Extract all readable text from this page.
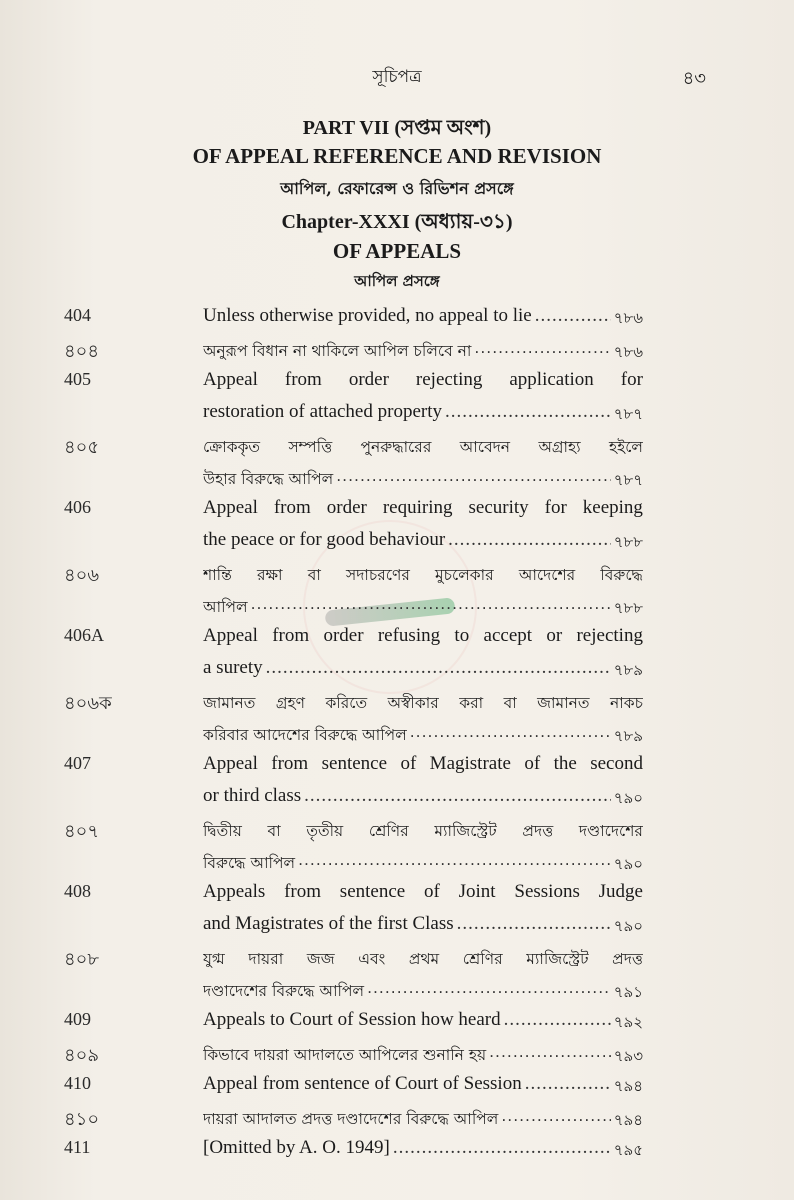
সূচিপত্র	৪৩
PART VII (সপ্তম অংশ)
OF APPEAL REFERENCE AND REVISION
আপিল, রেফারেন্স ও রিভিশন প্রসঙ্গে
Chapter-XXXI (অধ্যায়-৩১)
OF APPEALS
আপিল প্রসঙ্গে
404	Unless otherwise provided, no appeal to lie .....	৭৮৬
৪০৪	অনুরূপ বিধান না থাকিলে আপিল চলিবে না .....	৭৮৬
405	Appeal from order rejecting application for
restoration of attached property .....	৭৮৭
৪০৫	ক্রোককৃত সম্পত্তি পুনরুদ্ধারের আবেদন অগ্রাহ্য হইলে
উহার বিরুদ্ধে আপিল .....	৭৮৭
406	Appeal from order requiring security for keeping
the peace or for good behaviour .....	৭৮৮
৪০৬	শান্তি রক্ষা বা সদাচরণের মুচলেকার আদেশের বিরুদ্ধে
আপিল .....	৭৮৮
406A	Appeal from order refusing to accept or rejecting
a surety .....	৭৮৯
৪০৬ক	জামানত গ্রহণ করিতে অস্বীকার করা বা জামানত নাকচ
করিবার আদেশের বিরুদ্ধে আপিল .....	৭৮৯
407	Appeal from sentence of Magistrate of the second
or third class .....	৭৯০
৪০৭	দ্বিতীয় বা তৃতীয় শ্রেণির ম্যাজিস্ট্রেট প্রদত্ত দণ্ডাদেশের
বিরুদ্ধে আপিল .....	৭৯০
408	Appeals from sentence of Joint Sessions Judge
and Magistrates of the first Class .....	৭৯০
৪০৮	যুগ্ম দায়রা জজ এবং প্রথম শ্রেণির ম্যাজিস্ট্রেট প্রদত্ত
দণ্ডাদেশের বিরুদ্ধে আপিল .....	৭৯১
409	Appeals to Court of Session how heard .....	৭৯২
৪০৯	কিভাবে দায়রা আদালতে আপিলের শুনানি হয় .....	৭৯৩
410	Appeal from sentence of Court of Session .....	৭৯৪
৪১০	দায়রা আদালত প্রদত্ত দণ্ডাদেশের বিরুদ্ধে আপিল .....	৭৯৪
411	[Omitted by A. O. 1949] .....	৭৯৫
